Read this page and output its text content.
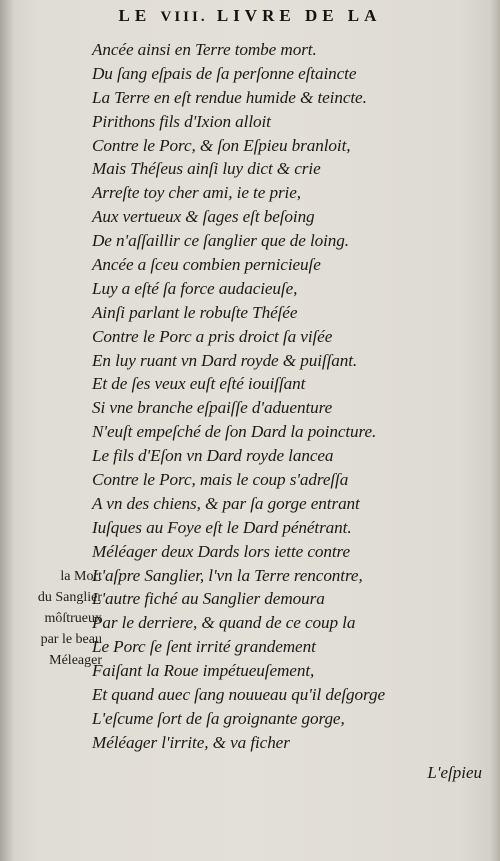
LE VIII. LIVRE DE LA
Ancée ainsi en Terre tombe mort.
Du ſang eſpais de ſa perſonne eſtaincte
La Terre en eſt rendue humide & teincte.
Pirithons fils d'Ixion alloit
Contre le Porc, & ſon Eſpieu branloit,
Mais Théſeus ainſi luy dict & crie
Arreſte toy cher ami, ie te prie,
Aux vertueux & ſages eſt beſoing
De n'aſſaillir ce ſanglier que de loing.
Ancée a ſceu combien pernicieuſe
Luy a eſté ſa force audacieuſe,
Ainſi parlant le robuſte Théſée
Contre le Porc a pris droict ſa viſée
En luy ruant vn Dard royde & puiſſant.
Et de ſes veux euſt eſté iouiſſant
Si vne branche eſpaiſſe d'aduenture
N'euſt empeſché de ſon Dard la poincture.
Le fils d'Eſon vn Dard royde lancea
Contre le Porc, mais le coup s'adreſſa
A vn des chiens, & par ſa gorge entrant
Iuſques au Foye eſt le Dard pénétrant.
Méléager deux Dards lors iette contre
L'aſpre Sanglier, l'vn la Terre rencontre,
L'autre fiché au Sanglier demoura
Par le derriere, & quand de ce coup la
Le Porc ſe ſent irrité grandement
Faiſant la Roue impétueuſement,
Et quand auec ſang nouueau qu'il deſgorge
L'eſcume ſort de ſa groignante gorge,
Méléager l'irrite, & va ficher
la Mort
du Sanglier
môſtrueux
par le beau
Méleager
L'eſpieu
